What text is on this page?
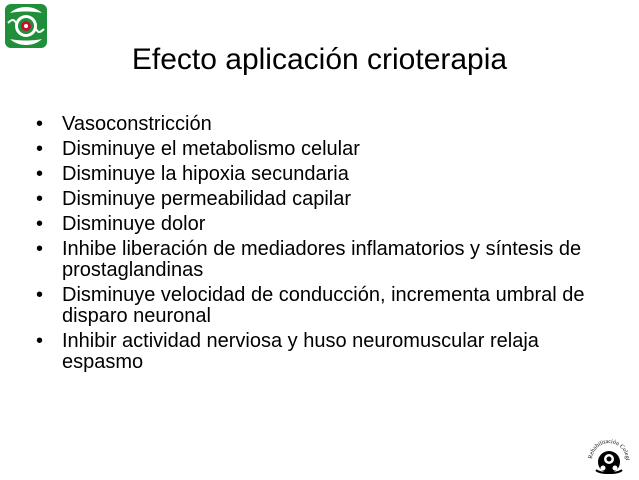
Efecto aplicación crioterapia
• Vasoconstricción
• Disminuye el metabolismo celular
• Disminuye la hipoxia secundaria
• Disminuye permeabilidad capilar
• Disminuye dolor
• Inhibe liberación de mediadores inflamatorios y síntesis de prostaglandinas
• Disminuye velocidad de conducción, incrementa umbral de disparo neuronal
• Inhibir actividad nerviosa y huso neuromuscular relaja espasmo
Rehabilitación Colegi
